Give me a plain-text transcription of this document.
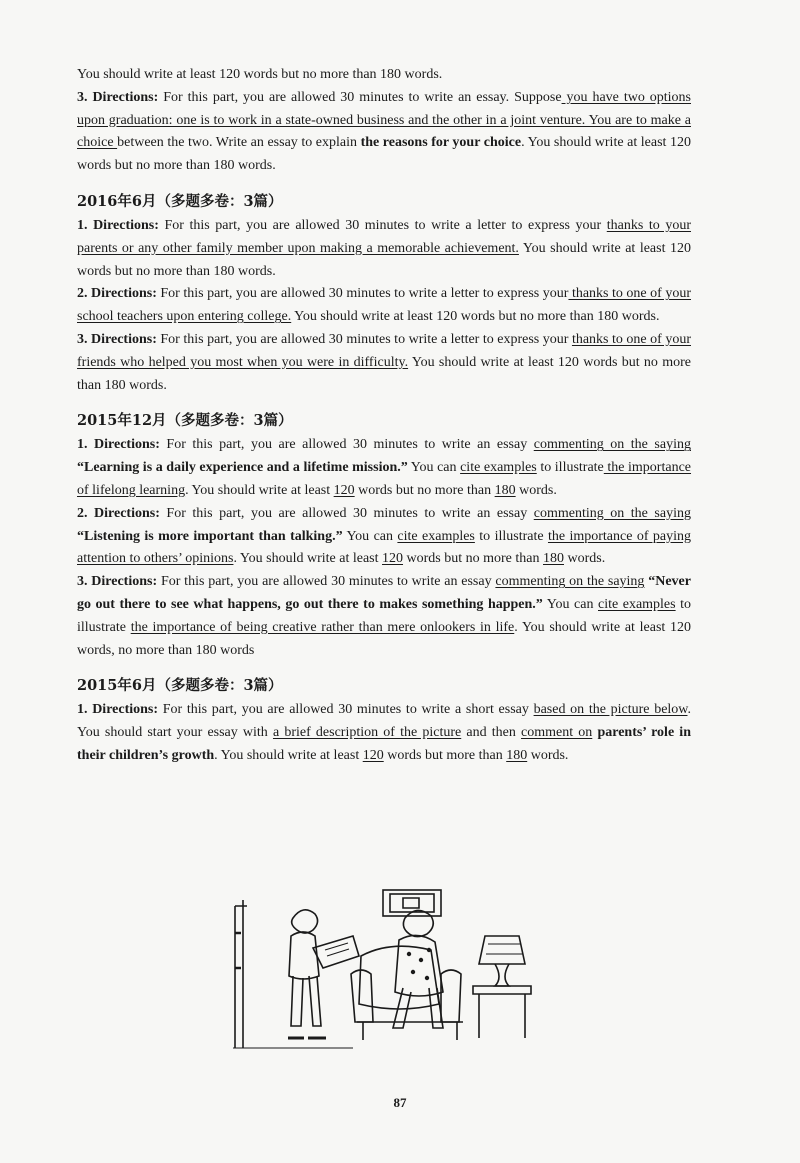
You should write at least 120 words but no more than 180 words.

3. Directions: For this part, you are allowed 30 minutes to write an essay. Suppose you have two options upon graduation: one is to work in a state-owned business and the other in a joint venture. You are to make a choice between the two. Write an essay to explain the reasons for your choice. You should write at least 120 words but no more than 180 words.

2016年6月（多题多卷：3篇）

1. Directions: For this part, you are allowed 30 minutes to write a letter to express your thanks to your parents or any other family member upon making a memorable achievement. You should write at least 120 words but no more than 180 words.

2. Directions: For this part, you are allowed 30 minutes to write a letter to express your thanks to one of your school teachers upon entering college. You should write at least 120 words but no more than 180 words.

3. Directions: For this part, you are allowed 30 minutes to write a letter to express your thanks to one of your friends who helped you most when you were in difficulty. You should write at least 120 words but no more than 180 words.

2015年12月（多题多卷：3篇）

1. Directions: For this part, you are allowed 30 minutes to write an essay commenting on the saying “Learning is a daily experience and a lifetime mission.” You can cite examples to illustrate the importance of lifelong learning. You should write at least 120 words but no more than 180 words.

2. Directions: For this part, you are allowed 30 minutes to write an essay commenting on the saying “Listening is more important than talking.” You can cite examples to illustrate the importance of paying attention to others’ opinions. You should write at least 120 words but no more than 180 words.

3. Directions: For this part, you are allowed 30 minutes to write an essay commenting on the saying “Never go out there to see what happens, go out there to makes something happen.” You can cite examples to illustrate the importance of being creative rather than mere onlookers in life. You should write at least 120 words, no more than 180 words

2015年6月（多题多卷：3篇）

1. Directions: For this part, you are allowed 30 minutes to write a short essay based on the picture below. You should start your essay with a brief description of the picture and then comment on parents’ role in their children’s growth. You should write at least 120 words but more than 180 words.

87
